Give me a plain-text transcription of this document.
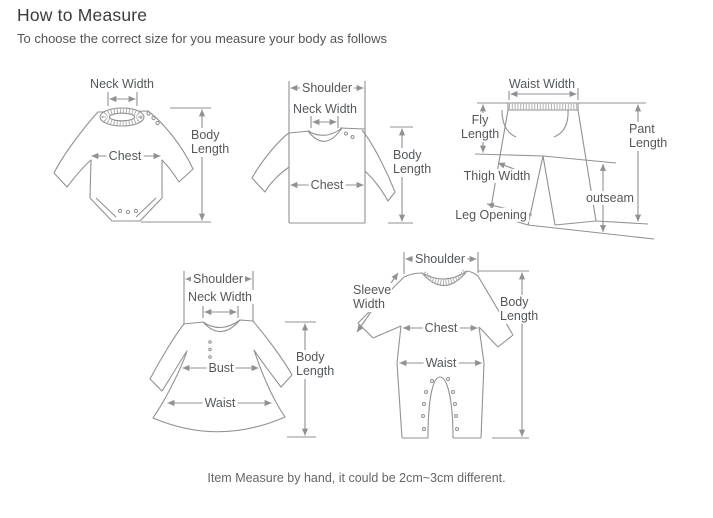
How to Measure
To choose the correct size for you measure your body as follows
Neck Width
Chest
Body Length
Shoulder
Neck Width
Chest
Body Length
Waist Width
Fly Length	Pant Length
Thigh Width
outseam
Leg Opening
Shoulder
Neck Width
Bust
Waist
Body Length
Shoulder
Sleeve Width
Chest
Waist
Body Length
Item Measure by hand, it could be 2cm~3cm different.
